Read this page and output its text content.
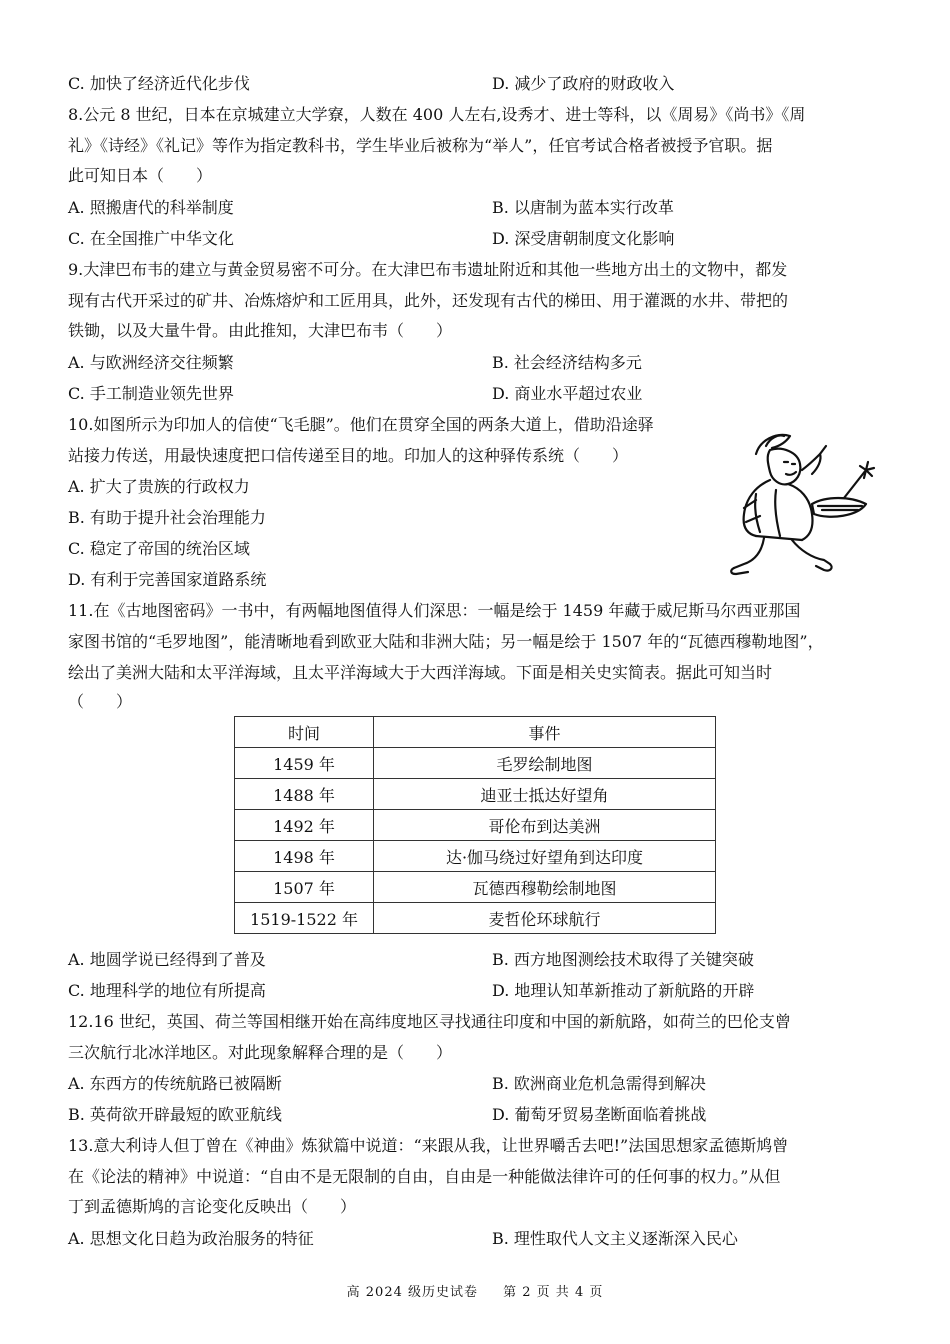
C. 加快了经济近代化步伐	D. 减少了政府的财政收入
8.公元 8 世纪，日本在京城建立大学寮，人数在 400 人左右,设秀才、进士等科，以《周易》《尚书》《周
礼》《诗经》《礼记》等作为指定教科书，学生毕业后被称为“举人”，任官考试合格者被授予官职。据
此可知日本（　　）
A. 照搬唐代的科举制度	B. 以唐制为蓝本实行改革
C. 在全国推广中华文化	D. 深受唐朝制度文化影响
9.大津巴布韦的建立与黄金贸易密不可分。在大津巴布韦遗址附近和其他一些地方出土的文物中，都发
现有古代开采过的矿井、冶炼熔炉和工匠用具，此外，还发现有古代的梯田、用于灌溉的水井、带把的
铁锄，以及大量牛骨。由此推知，大津巴布韦（　　）
A. 与欧洲经济交往频繁	B. 社会经济结构多元
C. 手工制造业领先世界	D. 商业水平超过农业
10.如图所示为印加人的信使“飞毛腿”。他们在贯穿全国的两条大道上，借助沿途驿
站接力传送，用最快速度把口信传递至目的地。印加人的这种驿传系统（　　）
A. 扩大了贵族的行政权力
B. 有助于提升社会治理能力
C. 稳定了帝国的统治区域
D. 有利于完善国家道路系统
11.在《古地图密码》一书中，有两幅地图值得人们深思：一幅是绘于 1459 年藏于威尼斯马尔西亚那国
家图书馆的“毛罗地图”，能清晰地看到欧亚大陆和非洲大陆；另一幅是绘于 1507 年的“瓦德西穆勒地图”，
绘出了美洲大陆和太平洋海域，且太平洋海域大于大西洋海域。下面是相关史实简表。据此可知当时
（　　）
时间	事件
1459 年	毛罗绘制地图
1488 年	迪亚士抵达好望角
1492 年	哥伦布到达美洲
1498 年	达·伽马绕过好望角到达印度
1507 年	瓦德西穆勒绘制地图
1519-1522 年	麦哲伦环球航行
A. 地圆学说已经得到了普及	B. 西方地图测绘技术取得了关键突破
C. 地理科学的地位有所提高	D. 地理认知革新推动了新航路的开辟
12.16 世纪，英国、荷兰等国相继开始在高纬度地区寻找通往印度和中国的新航路，如荷兰的巴伦支曾
三次航行北冰洋地区。对此现象解释合理的是（　　）
A. 东西方的传统航路已被隔断	B. 欧洲商业危机急需得到解决
B. 英荷欲开辟最短的欧亚航线	D. 葡萄牙贸易垄断面临着挑战
13.意大利诗人但丁曾在《神曲》炼狱篇中说道：“来跟从我，让世界嚼舌去吧!”法国思想家孟德斯鸠曾
在《论法的精神》中说道：“自由不是无限制的自由，自由是一种能做法律许可的任何事的权力。”从但
丁到孟德斯鸠的言论变化反映出（　　）
A. 思想文化日趋为政治服务的特征	B. 理性取代人文主义逐渐深入民心
高 2024 级历史试卷 第 2 页 共 4 页
